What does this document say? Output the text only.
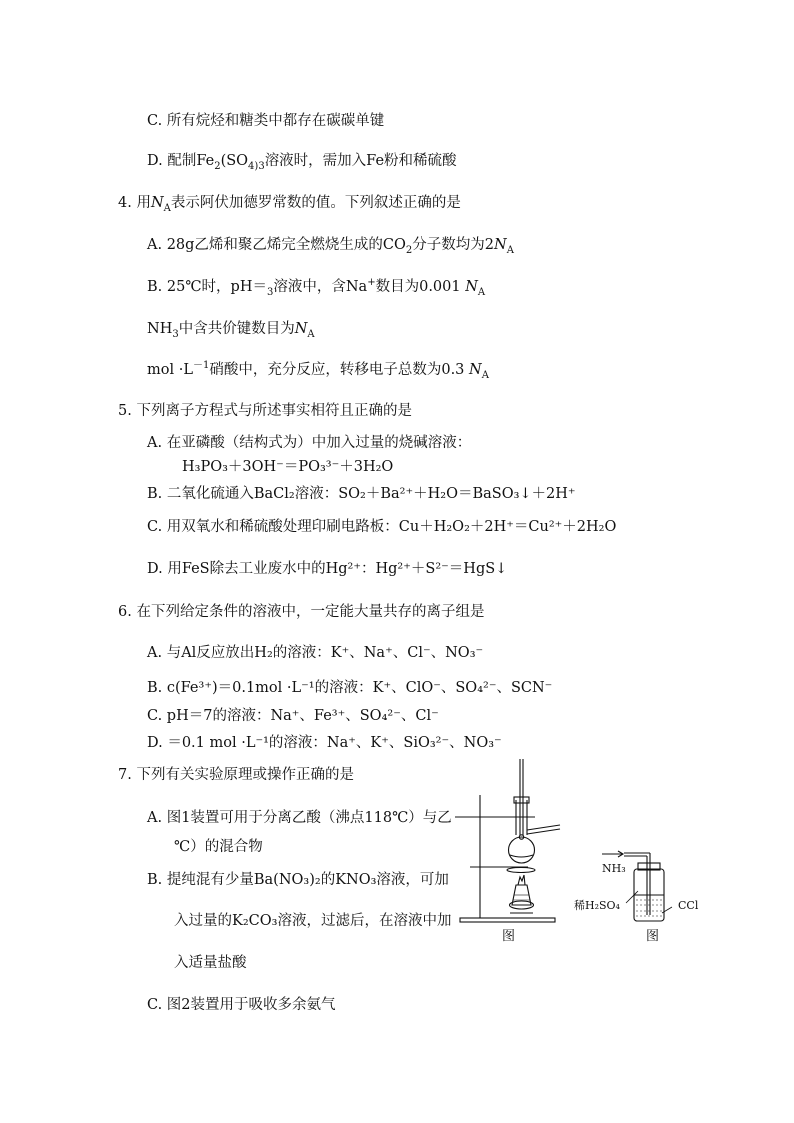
C. 所有烷烃和糖类中都存在碳碳单键
D. 配制$Fe_2(SO_{4)3}$溶液时，需加入Fe粉和稀硫酸
4. 用$N_A$表示阿伏加德罗常数的值。下列叙述正确的是
A. 28g乙烯和聚乙烯完全燃烧生成的$CO_2$分子数均为$2N_A$
B. 25℃时，$pH=_3$溶液中，含Na+数目为0.001 $N_A$
$NH_3$中含共价键数目为$N_A$
mol $\cdot L^{-1}$硝酸中，充分反应，转移电子总数为0.3 $N_A$
5. 下列离子方程式与所述事实相符且正确的是
A. 在亚磷酸（结构式为）中加入过量的烧碱溶液：
H₃PO₃＋3OH⁻＝PO₃³⁻＋3H₂O
B. 二氧化硫通入BaCl₂溶液：SO₂＋Ba²⁺＋H₂O＝BaSO₃↓＋2H⁺
C. 用双氧水和稀硫酸处理印刷电路板：Cu＋H₂O₂＋2H⁺＝Cu²⁺＋2H₂O
D. 用FeS除去工业废水中的Hg²⁺：Hg²⁺＋S²⁻＝HgS↓
6. 在下列给定条件的溶液中，一定能大量共存的离子组是
A. 与Al反应放出H₂的溶液：K⁺、Na⁺、Cl⁻、NO₃⁻
B. c(Fe³⁺)＝0.1mol ·L⁻¹的溶液：K⁺、ClO⁻、SO₄²⁻、SCN⁻
C. pH＝7的溶液：Na⁺、Fe³⁺、SO₄²⁻、Cl⁻
D. ＝0.1 mol ·L⁻¹的溶液：Na⁺、K⁺、SiO₃²⁻、NO₃⁻
7. 下列有关实验原理或操作正确的是
A. 图1装置可用于分离乙酸（沸点118℃）与乙
℃）的混合物
B. 提纯混有少量Ba(NO₃)₂的KNO₃溶液，可加
入过量的K₂CO₃溶液，过滤后，在溶液中加
入适量盐酸
C. 图2装置用于吸收多余氨气
图
NH₃
稀H₂SO₄	CCl
图
